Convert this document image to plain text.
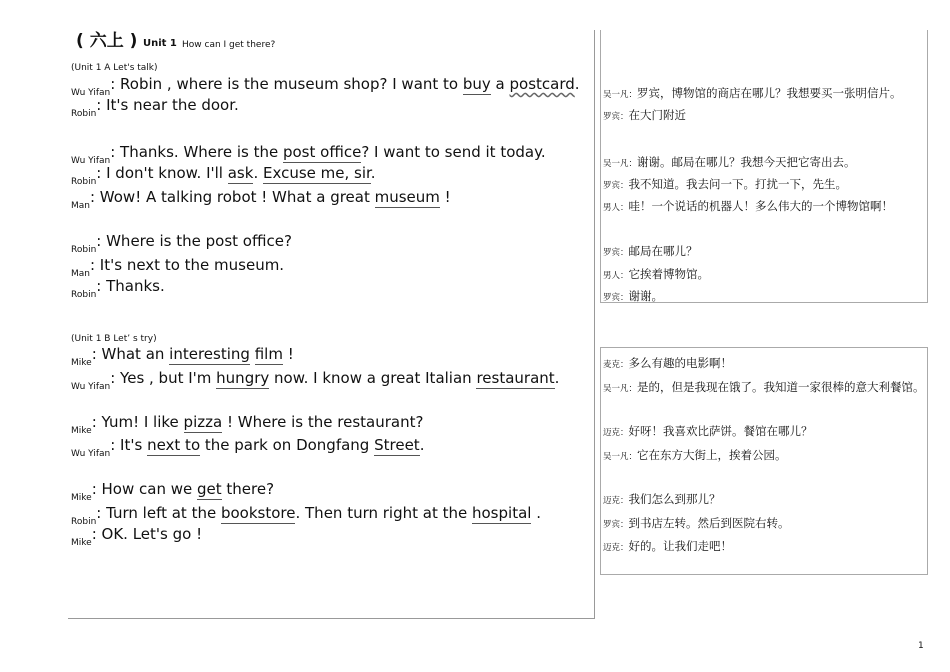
( 六上 ) Unit 1 How can I get there?
(Unit 1 A Let's talk)
(Unit 1 B Let’ s try)
$_{Wu Yifan}$: Robin , where is the museum shop? I want to buy a postcard.
$_{Robin}$: It's near the door.
$_{Wu Yifan}$: Thanks. Where is the post office? I want to send it today.
$_{Robin}$: I don't know. I'll ask. Excuse me, sir.
$_{Man}$: Wow! A talking robot ! What a great museum !
$_{Robin}$: Where is the post office?
$_{Man}$: It's next to the museum.
$_{Robin}$: Thanks.
$_{Mike}$: What an interesting film !
$_{Wu Yifan}$: Yes , but I'm hungry now. I know a great Italian restaurant.
$_{Mike}$: Yum! I like pizza ! Where is the restaurant?
$_{Wu Yifan}$: It's next to the park on Dongfang Street.
$_{Mike}$: How can we get there?
$_{Robin}$: Turn left at the bookstore. Then turn right at the hospital .
$_{Mike}$: OK. Let's go !
吴一凡：罗宾，博物馆的商店在哪儿？我想要买一张明信片。
罗宾：在大门附近
吴一凡：谢谢。邮局在哪儿？我想今天把它寄出去。
罗宾：我不知道。我去问一下。打扰一下，先生。
男人：哇！一个说话的机器人！多么伟大的一个博物馆啊！
罗宾：邮局在哪儿？
男人：它挨着博物馆。
罗宾：谢谢。
麦克：多么有趣的电影啊！
吴一凡：是的，但是我现在饿了。我知道一家很棒的意大利餐馆。
迈克：好呀！我喜欢比萨饼。餐馆在哪儿？
吴一凡：它在东方大街上，挨着公园。
迈克：我们怎么到那儿？
罗宾：到书店左转。然后到医院右转。
迈克：好的。让我们走吧！
1
